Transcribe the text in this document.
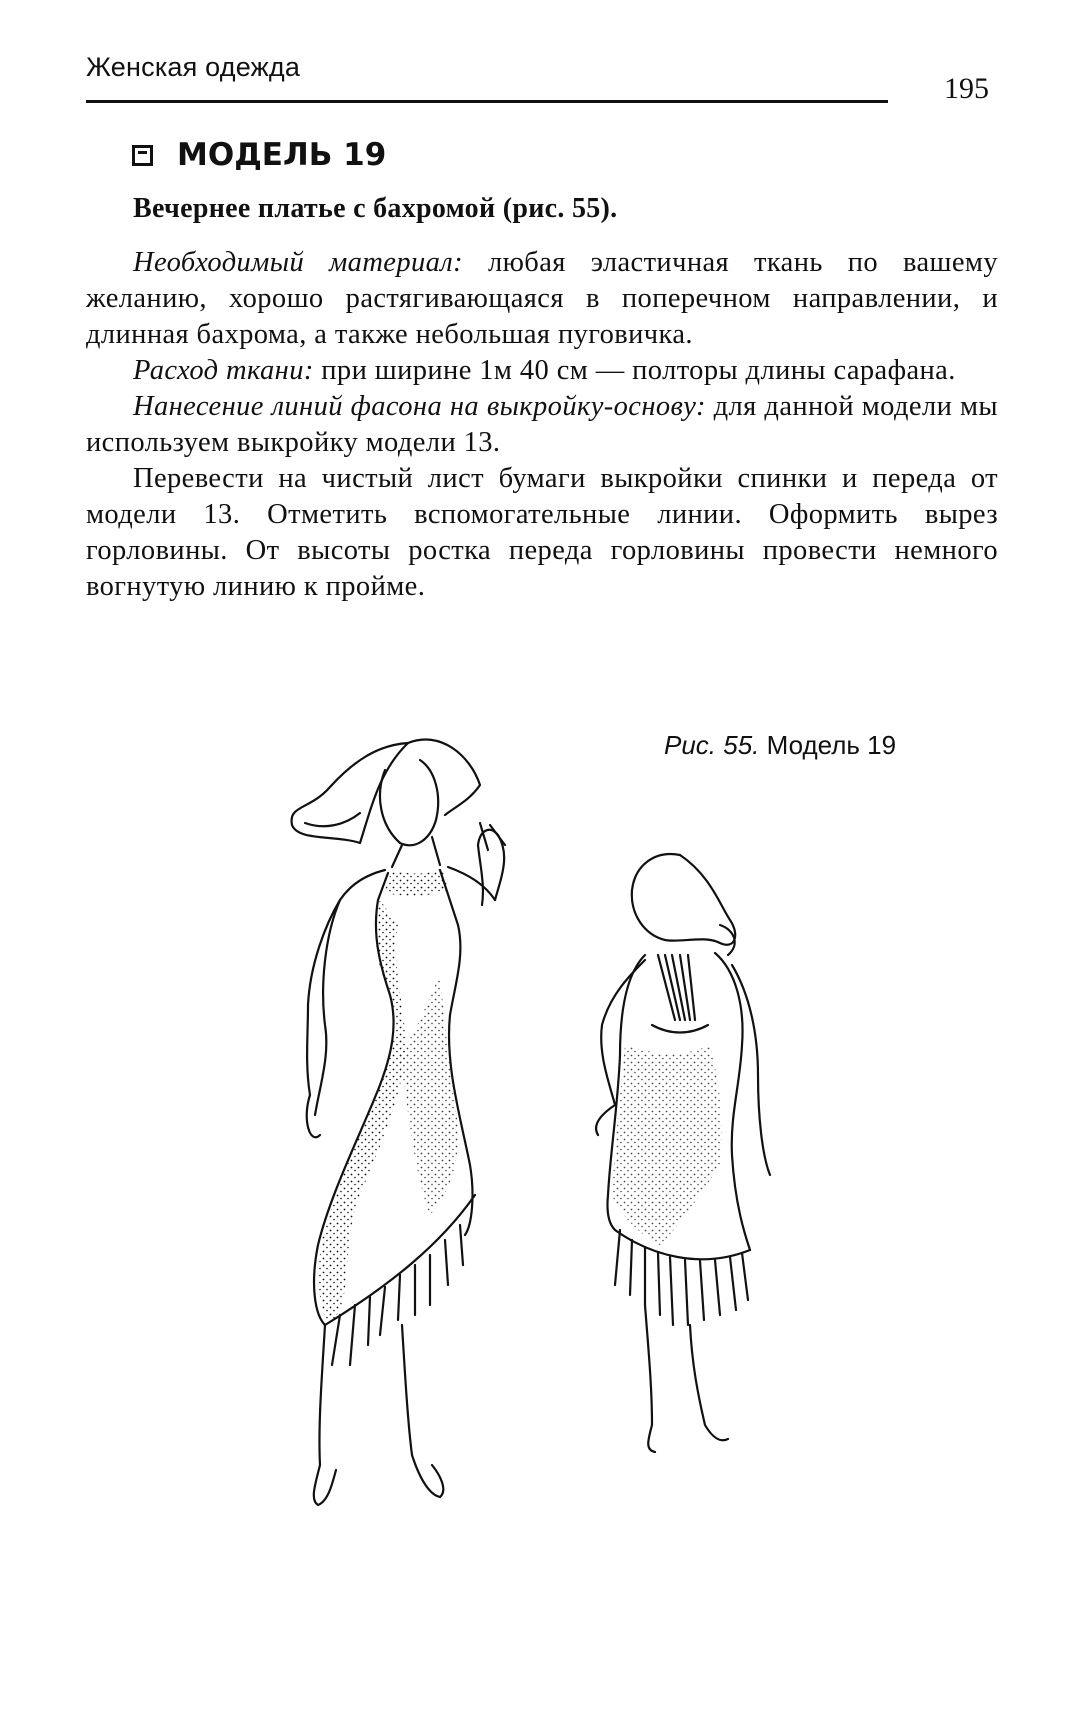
Женская одежда
195
МОДЕЛЬ 19
Вечернее платье с бахромой (рис. 55).

Необходимый материал: любая эластичная ткань по вашему желанию, хорошо растягивающаяся в поперечном направлении, и длинная бахрома, а также небольшая пуговичка.

Расход ткани: при ширине 1м 40 см — полторы длины сарафана.

Нанесение линий фасона на выкройку-основу: для данной модели мы используем выкройку модели 13.

Перевести на чистый лист бумаги выкройки спинки и переда от модели 13. Отметить вспомогательные линии. Оформить вырез горловины. От высоты ростка переда горловины провести немного вогнутую линию к пройме.

Рис. 55. Модель 19
